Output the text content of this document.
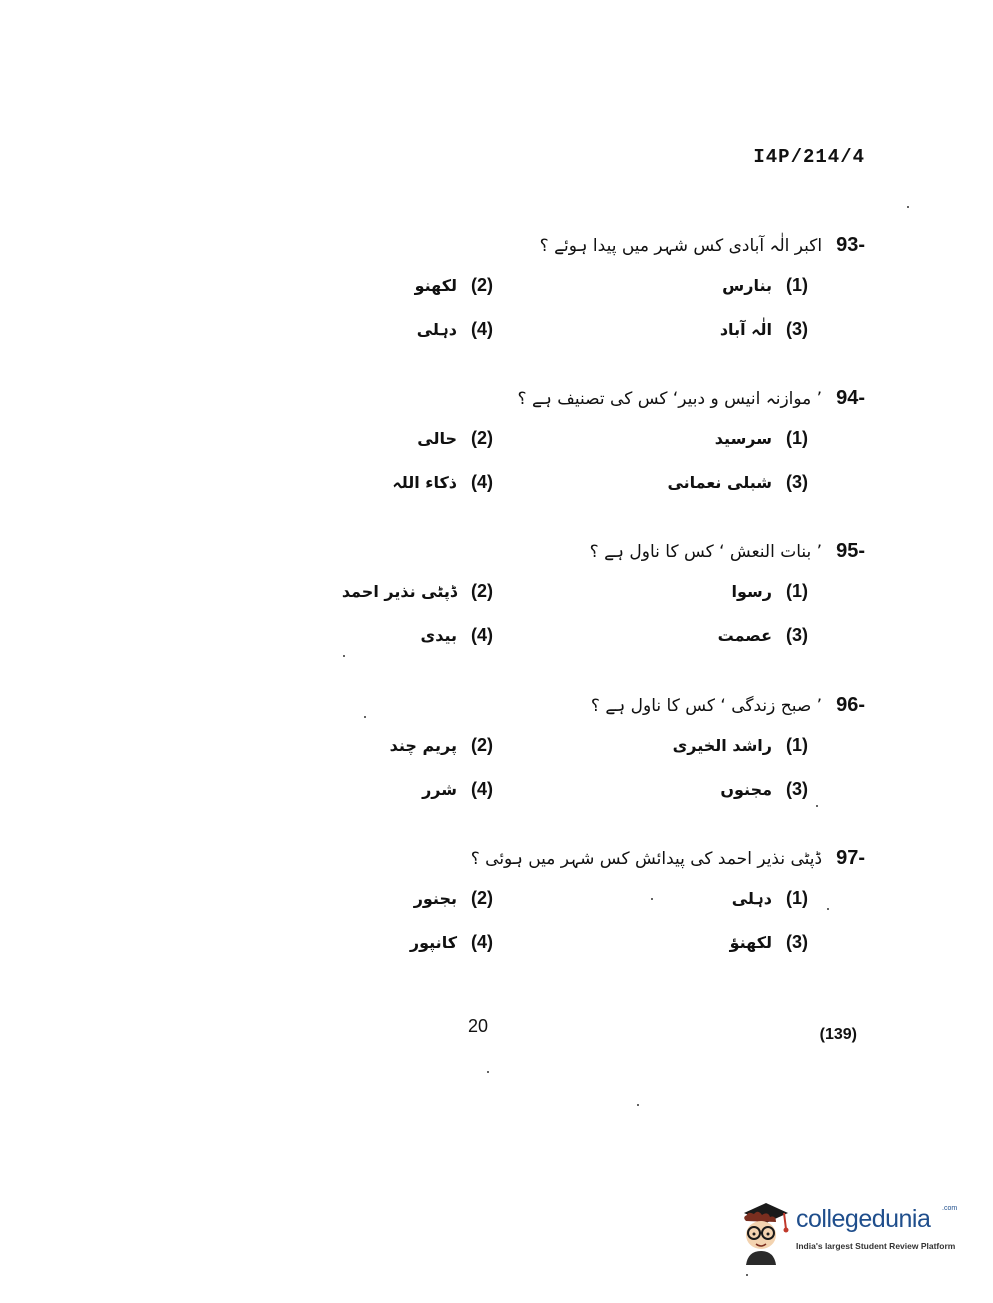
I4P/214/4
93-
اکبر الٰہ آبادی کس شہر میں پیدا ہوئے ؟
(1)
بنارس
(2)
لکھنو
(3)
الٰہ آباد
(4)
دہلی
94-
’ موازنہ انیس و دبیر‘ کس کی تصنیف ہے ؟
(1)
سرسید
(2)
حالی
(3)
شبلی نعمانی
(4)
ذکاء اللہ
95-
’ بنات النعش ‘ کس کا ناول ہے ؟
(1)
رسوا
(2)
ڈپٹی نذیر احمد
(3)
عصمت
(4)
بیدی
96-
’ صبح زندگی ‘ کس کا ناول ہے ؟
(1)
راشد الخیری
(2)
پریم چند
(3)
مجنوں
(4)
شرر
97-
ڈپٹی نذیر احمد کی پیدائش کس شہر میں ہوئی ؟
(1)
دہلی
(2)
بجنور
(3)
لکھنؤ
(4)
کانپور
20	(139)
collegedunia .com
India's largest Student Review Platform
